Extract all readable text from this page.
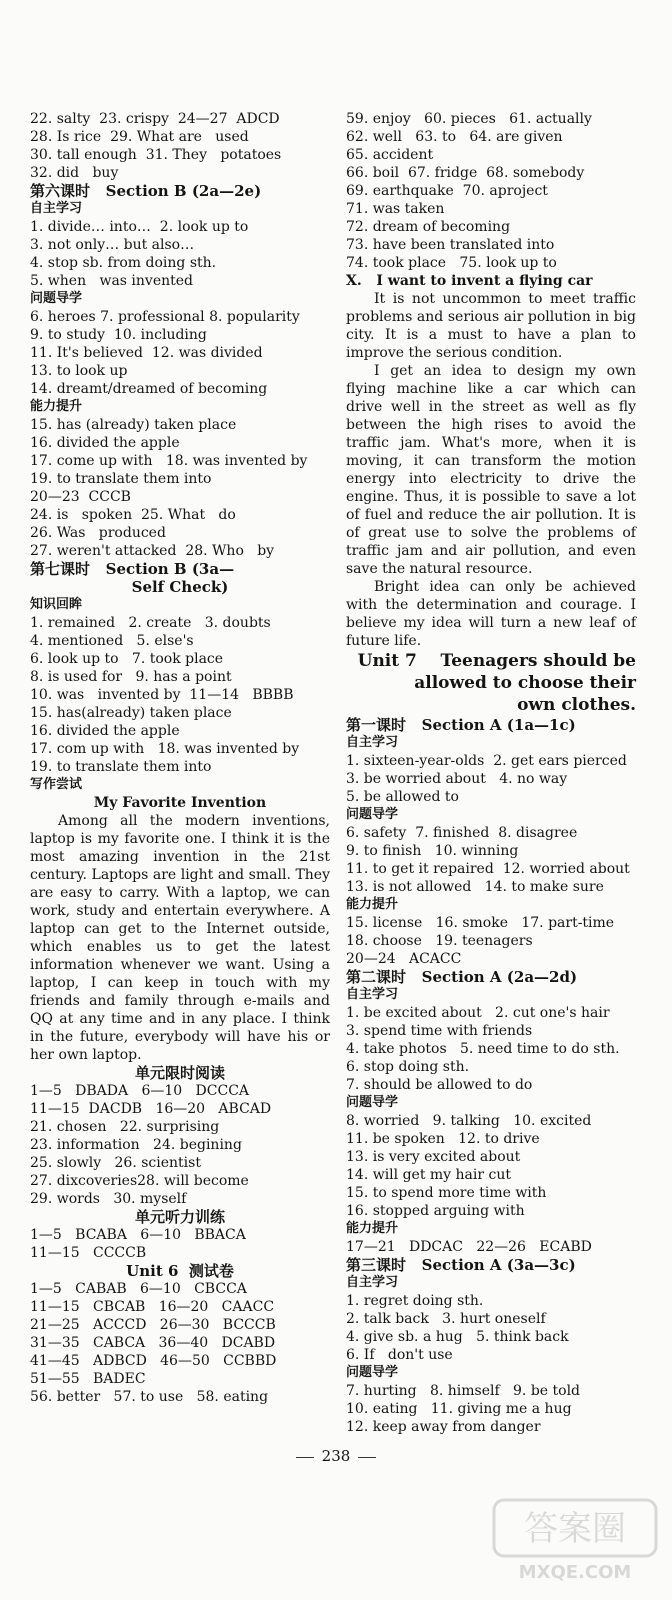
22. salty  23. crispy  24—27  ADCD
28. Is rice  29. What are   used
30. tall enough  31. They   potatoes
32. did   buy
第六课时   Section B (2a—2e)
自主学习
1. divide… into…  2. look up to
3. not only… but also…
4. stop sb. from doing sth.
5. when   was invented
问题导学
6. heroes 7. professional 8. popularity
9. to study  10. including
11. It's believed  12. was divided
13. to look up
14. dreamt/dreamed of becoming
能力提升
15. has (already) taken place
16. divided the apple
17. come up with   18. was invented by
19. to translate them into
20—23  CCCB
24. is   spoken  25. What   do
26. Was   produced
27. weren't attacked  28. Who   by
第七课时   Section B (3a—
Self Check)
知识回眸
1. remained   2. create   3. doubts
4. mentioned   5. else's
6. look up to   7. took place
8. is used for   9. has a point
10. was   invented by  11—14   BBBB
15. has(already) taken place
16. divided the apple
17. com up with   18. was invented by
19. to translate them into
写作尝试
My Favorite Invention
Among all the modern inventions, laptop is my favorite one. I think it is the most amazing invention in the 21st century. Laptops are light and small. They are easy to carry. With a laptop, we can work, study and entertain everywhere. A laptop can get to the Internet outside, which enables us to get the latest information whenever we want. Using a laptop, I can keep in touch with my friends and family through e-mails and QQ at any time and in any place. I think in the future, everybody will have his or her own laptop.
单元限时阅读
1—5   DBADA   6—10   DCCCA
11—15  DACDB   16—20   ABCAD
21. chosen   22. surprising
23. information   24. begining
25. slowly   26. scientist
27. dixcoveries28. will become
29. words   30. myself
单元听力训练
1—5   BCABA   6—10   BBACA
11—15   CCCCB
Unit 6  测试卷
1—5   CABAB   6—10   CBCCA
11—15   CBCAB   16—20   CAACC
21—25   ACCCD   26—30   BCCCB
31—35   CABCA   36—40   DCABD
41—45   ADBCD   46—50   CCBBD
51—55   BADEC
56. better   57. to use   58. eating
59. enjoy   60. pieces   61. actually
62. well   63. to   64. are given
65. accident
66. boil  67. fridge  68. somebody
69. earthquake  70. aproject
71. was taken
72. dream of becoming
73. have been translated into
74. took place   75. look up to
Ⅹ.   I want to invent a flying car
It is not uncommon to meet traffic problems and serious air pollution in big city. It is a must to have a plan to improve the serious condition.
I get an idea to design my own flying machine like a car which can drive well in the street as well as fly between the high rises to avoid the traffic jam. What's more, when it is moving, it can transform the motion energy into electricity to drive the engine. Thus, it is possible to save a lot of fuel and reduce the air pollution. It is of great use to solve the problems of traffic jam and air pollution, and even save the natural resource.
Bright idea can only be achieved with the determination and courage. I believe my idea will turn a new leaf of future life.
Unit 7    Teenagers should be
allowed to choose their
own clothes.
第一课时   Section A (1a—1c)
自主学习
1. sixteen-year-olds  2. get ears pierced
3. be worried about   4. no way
5. be allowed to
问题导学
6. safety  7. finished  8. disagree
9. to finish   10. winning
11. to get it repaired  12. worried about
13. is not allowed   14. to make sure
能力提升
15. license   16. smoke   17. part-time
18. choose   19. teenagers
20—24   ACACC
第二课时   Section A (2a—2d)
自主学习
1. be excited about   2. cut one's hair
3. spend time with friends
4. take photos   5. need time to do sth.
6. stop doing sth.
7. should be allowed to do
问题导学
8. worried   9. talking   10. excited
11. be spoken   12. to drive
13. is very excited about
14. will get my hair cut
15. to spend more time with
16. stopped arguing with
能力提升
17—21   DDCAC   22—26   ECABD
第三课时   Section A (3a—3c)
自主学习
1. regret doing sth.
2. talk back   3. hurt oneself
4. give sb. a hug   5. think back
6. If   don't use
问题导学
7. hurting   8. himself   9. be told
10. eating   11. giving me a hug
12. keep away from danger
238
答案圈
MXQE.COM
